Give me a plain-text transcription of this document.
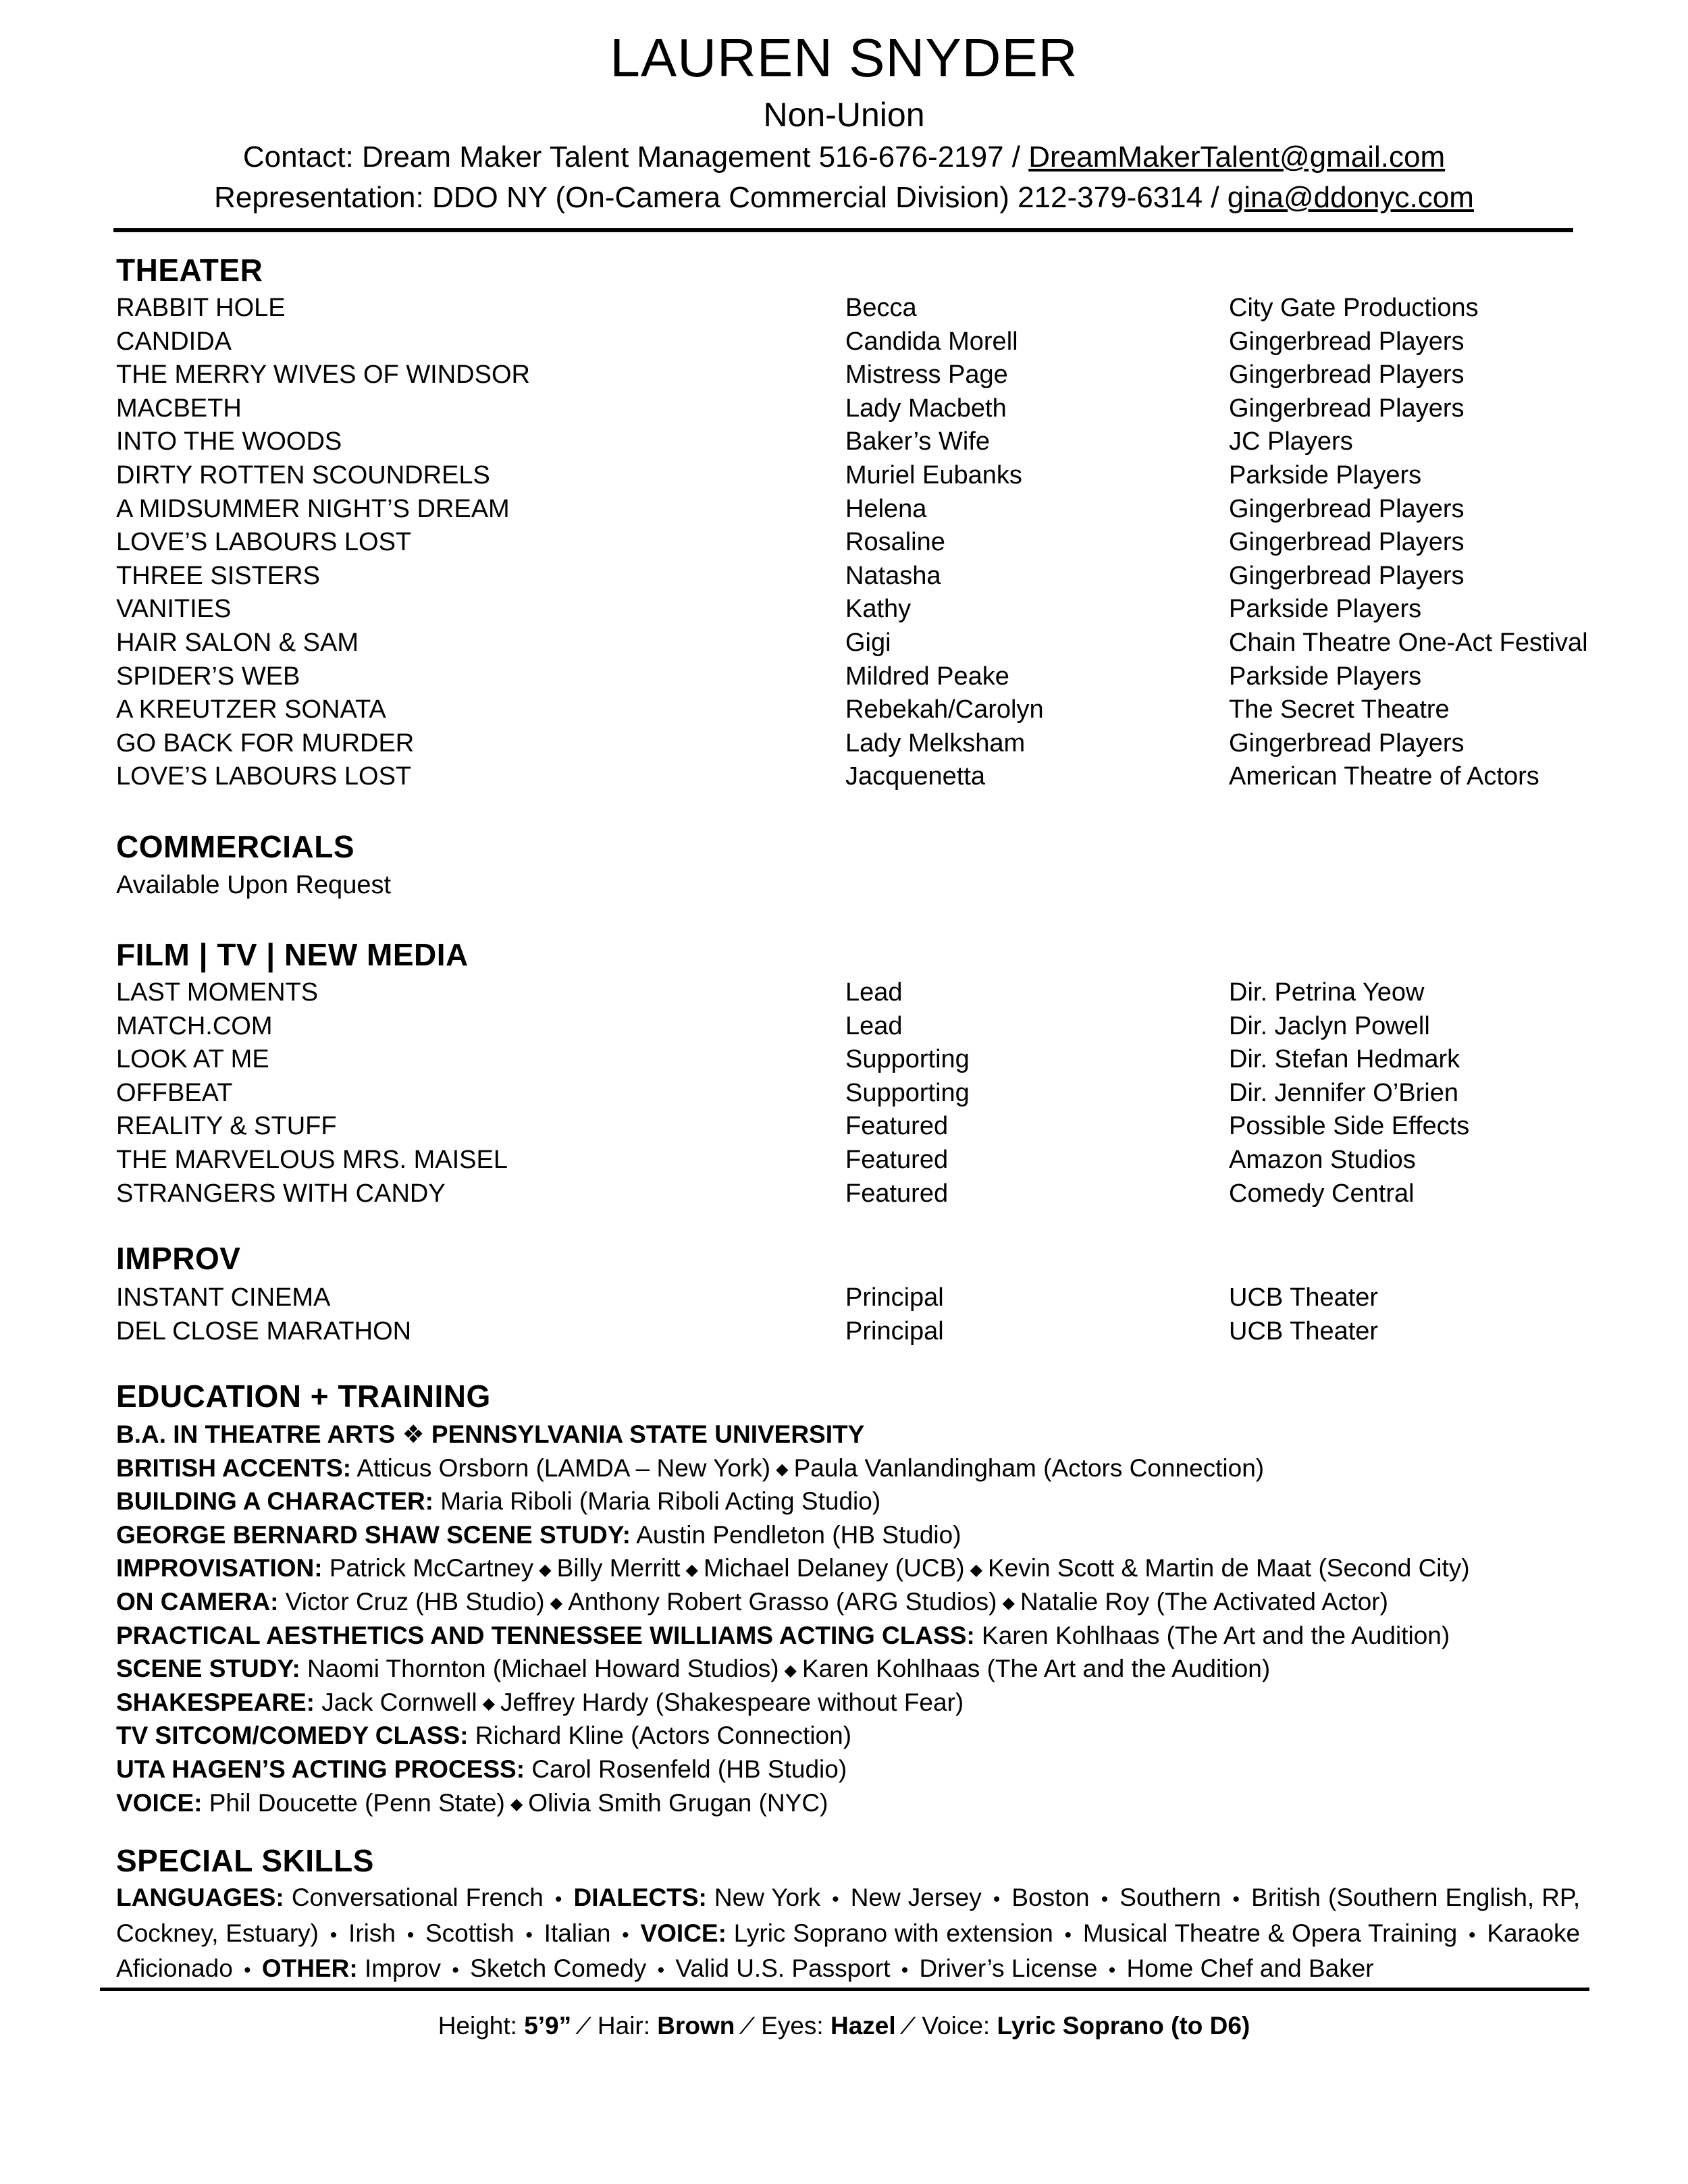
LAUREN SNYDER
Non-Union
Contact: Dream Maker Talent Management 516-676-2197 / DreamMakerTalent@gmail.com
Representation: DDO NY (On-Camera Commercial Division) 212-379-6314 / gina@ddonyc.com
THEATER
RABBIT HOLE	Becca	City Gate Productions
CANDIDA	Candida Morell	Gingerbread Players
THE MERRY WIVES OF WINDSOR	Mistress Page	Gingerbread Players
MACBETH	Lady Macbeth	Gingerbread Players
INTO THE WOODS	Baker’s Wife	JC Players
DIRTY ROTTEN SCOUNDRELS	Muriel Eubanks	Parkside Players
A MIDSUMMER NIGHT’S DREAM	Helena	Gingerbread Players
LOVE’S LABOURS LOST	Rosaline	Gingerbread Players
THREE SISTERS	Natasha	Gingerbread Players
VANITIES	Kathy	Parkside Players
HAIR SALON & SAM	Gigi	Chain Theatre One-Act Festival
SPIDER’S WEB	Mildred Peake	Parkside Players
A KREUTZER SONATA	Rebekah/Carolyn	The Secret Theatre
GO BACK FOR MURDER	Lady Melksham	Gingerbread Players
LOVE’S LABOURS LOST	Jacquenetta	American Theatre of Actors
COMMERCIALS
Available Upon Request
FILM | TV | NEW MEDIA
LAST MOMENTS	Lead	Dir. Petrina Yeow
MATCH.COM	Lead	Dir. Jaclyn Powell
LOOK AT ME	Supporting	Dir. Stefan Hedmark
OFFBEAT	Supporting	Dir. Jennifer O’Brien
REALITY & STUFF	Featured	Possible Side Effects
THE MARVELOUS MRS. MAISEL	Featured	Amazon Studios
STRANGERS WITH CANDY	Featured	Comedy Central
IMPROV
INSTANT CINEMA	Principal	UCB Theater
DEL CLOSE MARATHON	Principal	UCB Theater
EDUCATION + TRAINING
B.A. IN THEATRE ARTS ❖ PENNSYLVANIA STATE UNIVERSITY
BRITISH ACCENTS: Atticus Orsborn (LAMDA – New York) ◆ Paula Vanlandingham (Actors Connection)
BUILDING A CHARACTER: Maria Riboli (Maria Riboli Acting Studio)
GEORGE BERNARD SHAW SCENE STUDY: Austin Pendleton (HB Studio)
IMPROVISATION: Patrick McCartney ◆ Billy Merritt ◆ Michael Delaney (UCB) ◆ Kevin Scott & Martin de Maat (Second City)
ON CAMERA: Victor Cruz (HB Studio) ◆ Anthony Robert Grasso (ARG Studios) ◆ Natalie Roy (The Activated Actor)
PRACTICAL AESTHETICS AND TENNESSEE WILLIAMS ACTING CLASS: Karen Kohlhaas (The Art and the Audition)
SCENE STUDY: Naomi Thornton (Michael Howard Studios) ◆ Karen Kohlhaas (The Art and the Audition)
SHAKESPEARE: Jack Cornwell ◆ Jeffrey Hardy (Shakespeare without Fear)
TV SITCOM/COMEDY CLASS: Richard Kline (Actors Connection)
UTA HAGEN’S ACTING PROCESS: Carol Rosenfeld (HB Studio)
VOICE: Phil Doucette (Penn State) ◆ Olivia Smith Grugan (NYC)
SPECIAL SKILLS
LANGUAGES: Conversational French • DIALECTS: New York • New Jersey • Boston • Southern • British (Southern English, RP, Cockney, Estuary) • Irish • Scottish • Italian • VOICE: Lyric Soprano with extension • Musical Theatre & Opera Training • Karaoke Aficionado • OTHER: Improv • Sketch Comedy • Valid U.S. Passport • Driver’s License • Home Chef and Baker
Height: 5’9” ⁄ Hair: Brown ⁄ Eyes: Hazel ⁄ Voice: Lyric Soprano (to D6)
